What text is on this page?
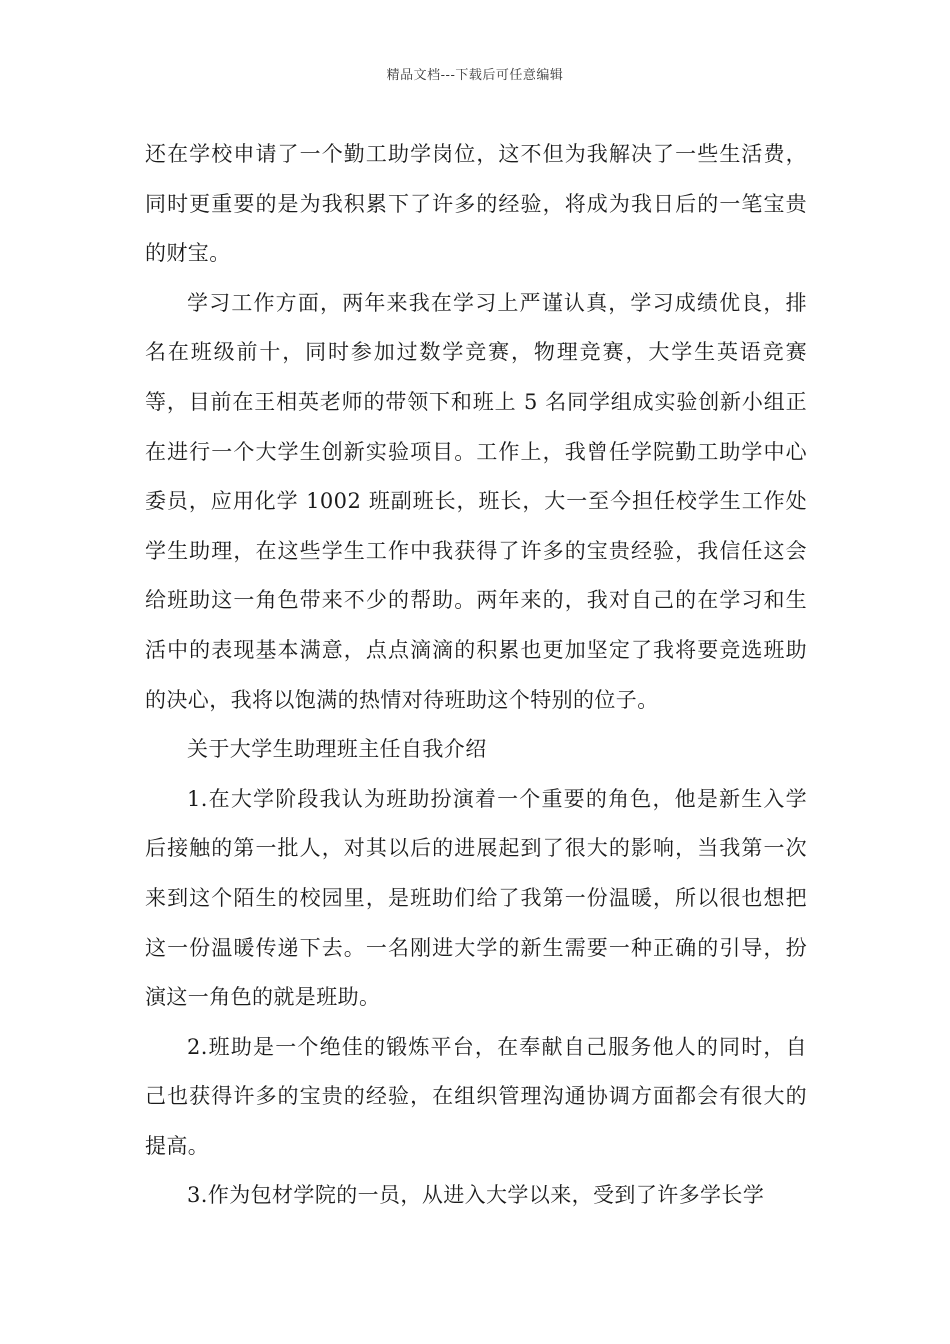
精品文档---下载后可任意编辑

还在学校申请了一个勤工助学岗位，这不但为我解决了一些生活费，同时更重要的是为我积累下了许多的经验，将成为我日后的一笔宝贵的财宝。

学习工作方面，两年来我在学习上严谨认真，学习成绩优良，排名在班级前十，同时参加过数学竞赛，物理竞赛，大学生英语竞赛等，目前在王相英老师的带领下和班上 5 名同学组成实验创新小组正在进行一个大学生创新实验项目。工作上，我曾任学院勤工助学中心委员，应用化学 1002 班副班长，班长，大一至今担任校学生工作处学生助理，在这些学生工作中我获得了许多的宝贵经验，我信任这会给班助这一角色带来不少的帮助。两年来的，我对自己的在学习和生活中的表现基本满意，点点滴滴的积累也更加坚定了我将要竞选班助的决心，我将以饱满的热情对待班助这个特别的位子。

关于大学生助理班主任自我介绍

1.在大学阶段我认为班助扮演着一个重要的角色，他是新生入学后接触的第一批人，对其以后的进展起到了很大的影响，当我第一次来到这个陌生的校园里，是班助们给了我第一份温暖，所以很也想把这一份温暖传递下去。一名刚进大学的新生需要一种正确的引导，扮演这一角色的就是班助。

2.班助是一个绝佳的锻炼平台，在奉献自己服务他人的同时，自己也获得许多的宝贵的经验，在组织管理沟通协调方面都会有很大的提高。

3.作为包材学院的一员，从进入大学以来，受到了许多学长学
